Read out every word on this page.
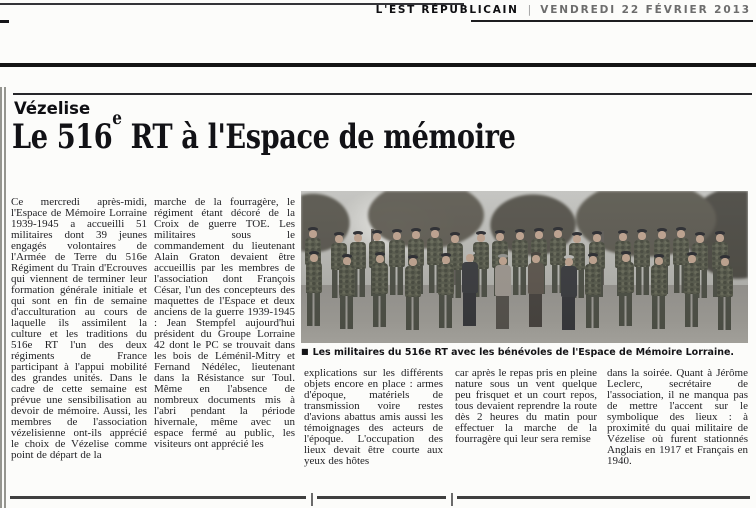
L'EST RÉPUBLICAIN | VENDREDI 22 FÉVRIER 2013
Vézelise
Le 516e RT à l'Espace de mémoire
Ce mercredi après-midi, l'Espace de Mémoire Lorraine 1939-1945 a accueilli 51 militaires dont 39 jeunes engagés volontaires de l'Armée de Terre du 516e Régiment du Train d'Ecrouves qui viennent de terminer leur formation générale initiale et qui sont en fin de semaine d'acculturation au cours de laquelle ils assimilent la culture et les traditions du 516e RT l'un des deux régiments de France participant à l'appui mobilité des grandes unités. Dans le cadre de cette semaine est prévue une sensibilisation au devoir de mémoire. Aussi, les membres de l'association vézelisienne ont-ils apprécié le choix de Vézelise comme point de départ de la
marche de la fourragère, le régiment étant décoré de la Croix de guerre TOE. Les militaires sous le commandement du lieutenant Alain Graton devaient être accueillis par les membres de l'association dont François César, l'un des concepteurs des maquettes de l'Espace et deux anciens de la guerre 1939-1945 : Jean Stempfel aujourd'hui président du Groupe Lorraine 42 dont le PC se trouvait dans les bois de Léménil-Mitry et Fernand Nédélec, lieutenant dans la Résistance sur Toul. Même en l'absence de nombreux documents mis à l'abri pendant la période hivernale, même avec un espace fermé au public, les visiteurs ont apprécié les
explications sur les différents objets encore en place : armes d'époque, matériels de transmission voire restes d'avions abattus amis aussi les témoignages des acteurs de l'époque. L'occupation des lieux devait être courte aux yeux des hôtes
car après le repas pris en pleine nature sous un vent quelque peu frisquet et un court repos, tous devaient reprendre la route dès 2 heures du matin pour effectuer la marche de la fourragère qui leur sera remise
dans la soirée. Quant à Jérôme Leclerc, secrétaire de l'association, il ne manqua pas de mettre l'accent sur le symbolique des lieux : à proximité du quai militaire de Vézelise où furent stationnés Anglais en 1917 et Français en 1940.
■ Les militaires du 516e RT avec les bénévoles de l'Espace de Mémoire Lorraine.
